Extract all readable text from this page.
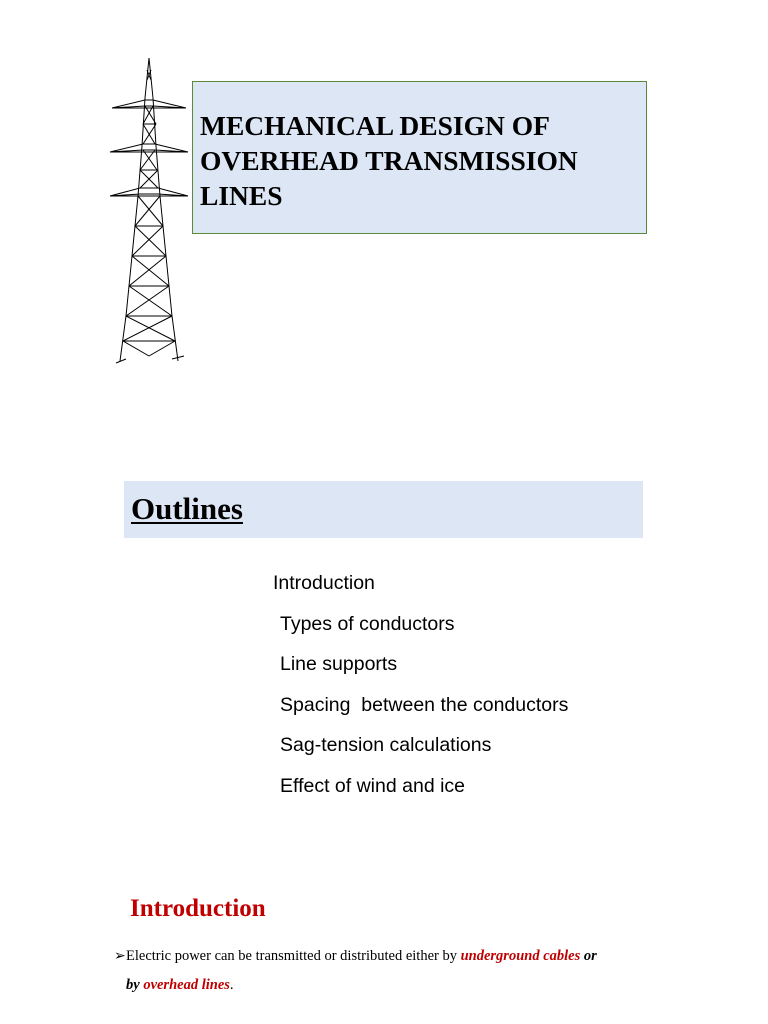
MECHANICAL DESIGN OF
OVERHEAD TRANSMISSION
LINES
Outlines
Introduction
Types of conductors
Line supports
Spacing  between the conductors
Sag-tension calculations
Effect of wind and ice
Introduction
➢ Electric power can be transmitted or distributed either by underground cables or
by overhead lines.
